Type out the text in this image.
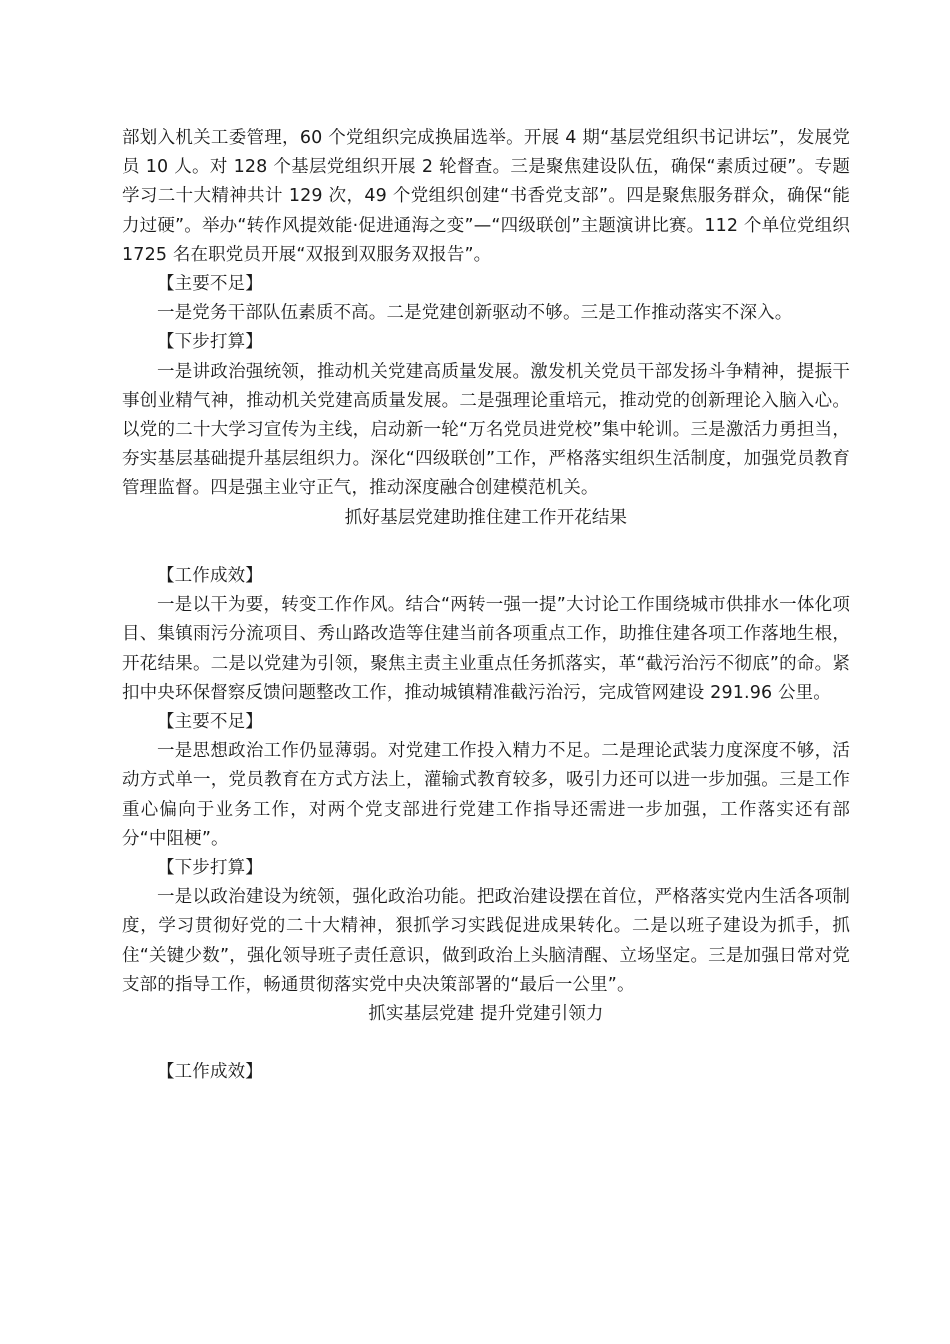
部划入机关工委管理，60 个党组织完成换届选举。开展 4 期“基层党组织书记讲坛”，发展党员 10 人。对 128 个基层党组织开展 2 轮督查。三是聚焦建设队伍，确保“素质过硬”。专题学习二十大精神共计 129 次，49 个党组织创建“书香党支部”。四是聚焦服务群众，确保“能力过硬”。举办“转作风提效能·促进通海之变”—“四级联创”主题演讲比赛。112 个单位党组织 1725 名在职党员开展“双报到双服务双报告”。

【主要不足】

一是党务干部队伍素质不高。二是党建创新驱动不够。三是工作推动落实不深入。

【下步打算】

一是讲政治强统领，推动机关党建高质量发展。激发机关党员干部发扬斗争精神，提振干事创业精气神，推动机关党建高质量发展。二是强理论重培元，推动党的创新理论入脑入心。以党的二十大学习宣传为主线，启动新一轮“万名党员进党校”集中轮训。三是激活力勇担当，夯实基层基础提升基层组织力。深化“四级联创”工作，严格落实组织生活制度，加强党员教育管理监督。四是强主业守正气，推动深度融合创建模范机关。

抓好基层党建助推住建工作开花结果

【工作成效】

一是以干为要，转变工作作风。结合“两转一强一提”大讨论工作围绕城市供排水一体化项目、集镇雨污分流项目、秀山路改造等住建当前各项重点工作，助推住建各项工作落地生根，开花结果。二是以党建为引领，聚焦主责主业重点任务抓落实，革“截污治污不彻底”的命。紧扣中央环保督察反馈问题整改工作，推动城镇精准截污治污，完成管网建设 291.96 公里。

【主要不足】

一是思想政治工作仍显薄弱。对党建工作投入精力不足。二是理论武装力度深度不够，活动方式单一，党员教育在方式方法上，灌输式教育较多，吸引力还可以进一步加强。三是工作重心偏向于业务工作，对两个党支部进行党建工作指导还需进一步加强，工作落实还有部分“中阻梗”。

【下步打算】

一是以政治建设为统领，强化政治功能。把政治建设摆在首位，严格落实党内生活各项制度，学习贯彻好党的二十大精神，狠抓学习实践促进成果转化。二是以班子建设为抓手，抓住“关键少数”，强化领导班子责任意识，做到政治上头脑清醒、立场坚定。三是加强日常对党支部的指导工作，畅通贯彻落实党中央决策部署的“最后一公里”。

抓实基层党建 提升党建引领力

【工作成效】
